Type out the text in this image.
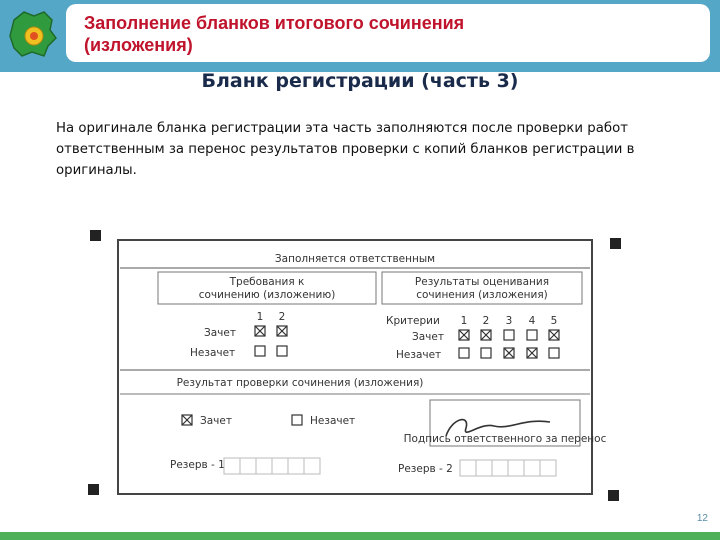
Заполнение бланков итогового сочинения
(изложения)
Бланк регистрации (часть 3)
На оригинале бланка регистрации эта часть заполняются после проверки работ ответственным за перенос результатов проверки с копий бланков регистрации в оригиналы.
Заполняется ответственным
Требования к
сочинению (изложению)
1 2
Зачет
Незачет
Результаты оценивания
сочинения (изложения)
Критерии 1 2 3 4 5
Зачет
Незачет
Результат проверки сочинения (изложения)
Зачет	Незачет
Подпись ответственного за перенос
Резерв - 1	Резерв - 2
12
